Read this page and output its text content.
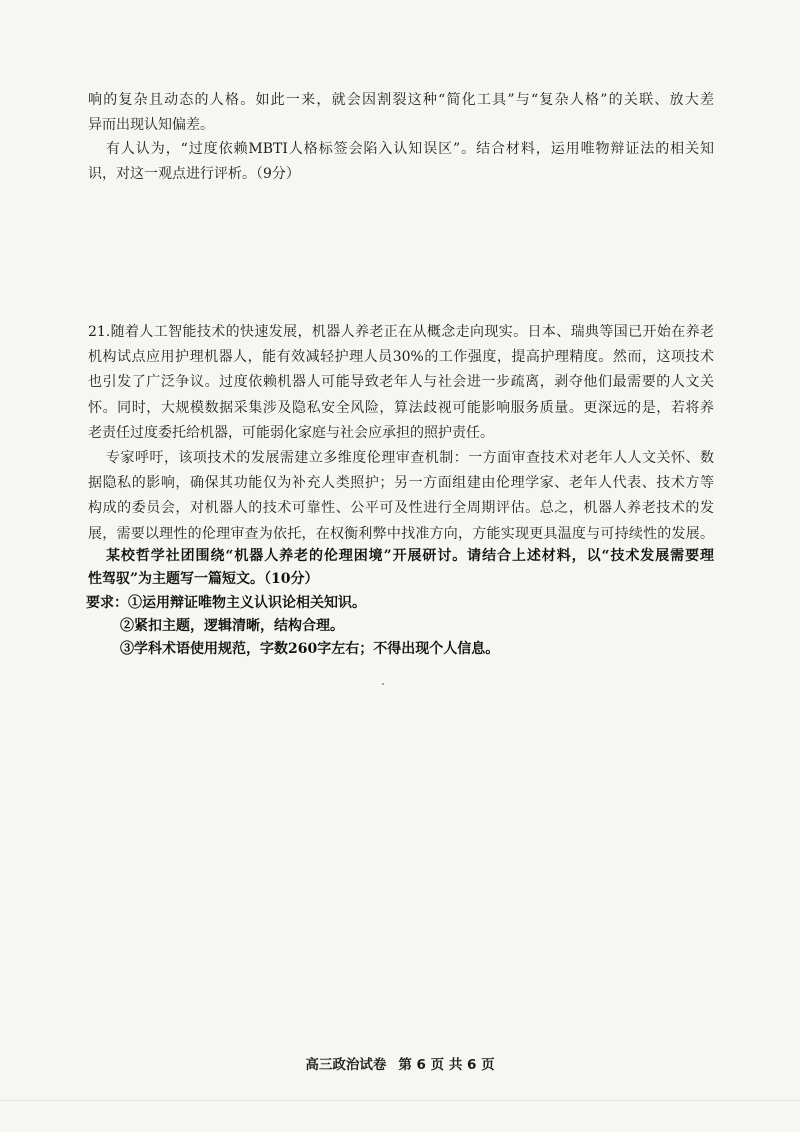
响的复杂且动态的人格。如此一来，就会因割裂这种“简化工具”与“复杂人格”的关联、放大差
异而出现认知偏差。
有人认为，“过度依赖MBTI人格标签会陷入认知误区”。结合材料，运用唯物辩证法的相关知
识，对这一观点进行评析。（9分）
21.随着人工智能技术的快速发展，机器人养老正在从概念走向现实。日本、瑞典等国已开始在养老
机构试点应用护理机器人，能有效减轻护理人员30%的工作强度，提高护理精度。然而，这项技术
也引发了广泛争议。过度依赖机器人可能导致老年人与社会进一步疏离，剥夺他们最需要的人文关
怀。同时，大规模数据采集涉及隐私安全风险，算法歧视可能影响服务质量。更深远的是，若将养
老责任过度委托给机器，可能弱化家庭与社会应承担的照护责任。
专家呼吁，该项技术的发展需建立多维度伦理审查机制：一方面审查技术对老年人人文关怀、数
据隐私的影响，确保其功能仅为补充人类照护；另一方面组建由伦理学家、老年人代表、技术方等
构成的委员会，对机器人的技术可靠性、公平可及性进行全周期评估。总之，机器人养老技术的发
展，需要以理性的伦理审查为依托，在权衡利弊中找准方向，方能实现更具温度与可持续性的发展。
某校哲学社团围绕“机器人养老的伦理困境”开展研讨。请结合上述材料，以“技术发展需要理
性驾驭”为主题写一篇短文。（10分）
要求：①运用辩证唯物主义认识论相关知识。
②紧扣主题，逻辑清晰，结构合理。
③学科术语使用规范，字数260字左右；不得出现个人信息。
高三政治试卷 第 6 页 共 6 页
